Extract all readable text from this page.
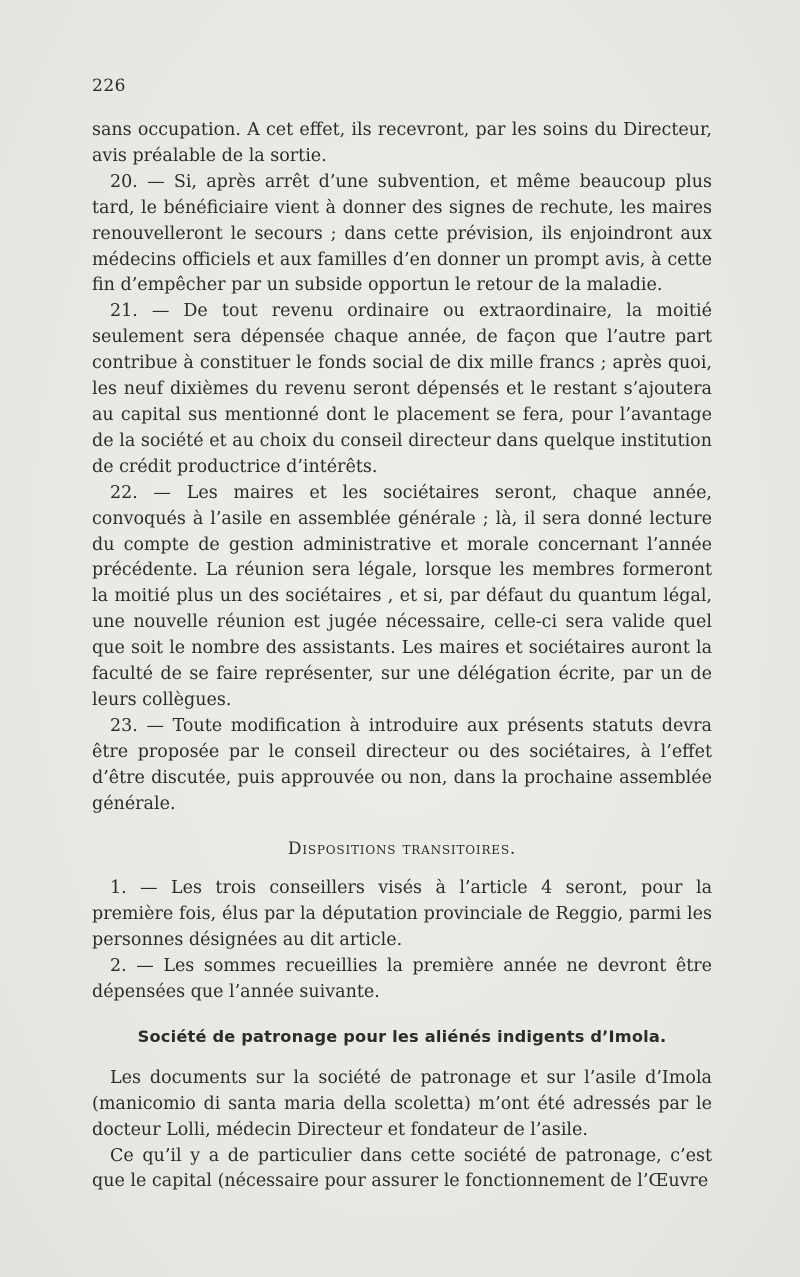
226

sans occupation. A cet effet, ils recevront, par les soins du Directeur, avis préalable de la sortie.

20. — Si, après arrêt d’une subvention, et même beaucoup plus tard, le bénéficiaire vient à donner des signes de rechute, les maires renouvelleront le secours ; dans cette prévision, ils enjoindront aux médecins officiels et aux familles d’en donner un prompt avis, à cette fin d’empêcher par un subside opportun le retour de la maladie.

21. — De tout revenu ordinaire ou extraordinaire, la moitié seulement sera dépensée chaque année, de façon que l’autre part contribue à constituer le fonds social de dix mille francs ; après quoi, les neuf dixièmes du revenu seront dépensés et le restant s’ajoutera au capital sus mentionné dont le placement se fera, pour l’avantage de la société et au choix du conseil directeur dans quelque institution de crédit productrice d’intérêts.

22. — Les maires et les sociétaires seront, chaque année, convoqués à l’asile en assemblée générale ; là, il sera donné lecture du compte de gestion administrative et morale concernant l’année précédente. La réunion sera légale, lorsque les membres formeront la moitié plus un des sociétaires , et si, par défaut du quantum légal, une nouvelle réunion est jugée nécessaire, celle-ci sera valide quel que soit le nombre des assistants. Les maires et sociétaires auront la faculté de se faire représenter, sur une délégation écrite, par un de leurs collègues.

23. — Toute modification à introduire aux présents statuts devra être proposée par le conseil directeur ou des sociétaires, à l’effet d’être discutée, puis approuvée ou non, dans la prochaine assemblée générale.

Dispositions transitoires.

1. — Les trois conseillers visés à l’article 4 seront, pour la première fois, élus par la députation provinciale de Reggio, parmi les personnes désignées au dit article.

2. — Les sommes recueillies la première année ne devront être dépensées que l’année suivante.

Société de patronage pour les aliénés indigents d’Imola.

Les documents sur la société de patronage et sur l’asile d’Imola (manicomio di santa maria della scoletta) m’ont été adressés par le docteur Lolli, médecin Directeur et fondateur de l’asile.

Ce qu’il y a de particulier dans cette société de patronage, c’est que le capital (nécessaire pour assurer le fonctionnement de l’Œuvre
